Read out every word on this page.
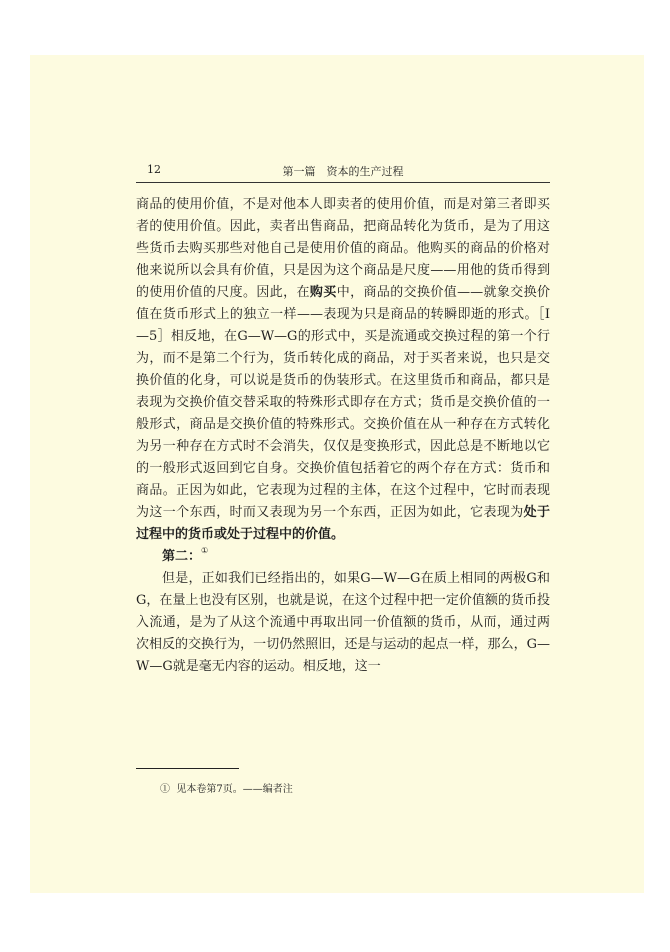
12	第一篇　资本的生产过程

商品的使用价值，不是对他本人即卖者的使用价值，而是对第三者即买者的使用价值。因此，卖者出售商品，把商品转化为货币，是为了用这些货币去购买那些对他自己是使用价值的商品。他购买的商品的价格对他来说所以会具有价值，只是因为这个商品是尺度——用他的货币得到的使用价值的尺度。因此，在购买中，商品的交换价值——就象交换价值在货币形式上的独立一样——表现为只是商品的转瞬即逝的形式。［Ⅰ—5］相反地，在G—W—G的形式中，买是流通或交换过程的第一个行为，而不是第二个行为，货币转化成的商品，对于买者来说，也只是交换价值的化身，可以说是货币的伪装形式。在这里货币和商品，都只是表现为交换价值交替采取的特殊形式即存在方式；货币是交换价值的一般形式，商品是交换价值的特殊形式。交换价值在从一种存在方式转化为另一种存在方式时不会消失，仅仅是变换形式，因此总是不断地以它的一般形式返回到它自身。交换价值包括着它的两个存在方式：货币和商品。正因为如此，它表现为过程的主体，在这个过程中，它时而表现为这一个东西，时而又表现为另一个东西，正因为如此，它表现为处于过程中的货币或处于过程中的价值。

第二：①

但是，正如我们已经指出的，如果G—W—G在质上相同的两极G和G，在量上也没有区别，也就是说，在这个过程中把一定价值额的货币投入流通，是为了从这个流通中再取出同一价值额的货币，从而，通过两次相反的交换行为，一切仍然照旧，还是与运动的起点一样，那么，G—W—G就是毫无内容的运动。相反地，这一

① 见本卷第7页。——编者注
